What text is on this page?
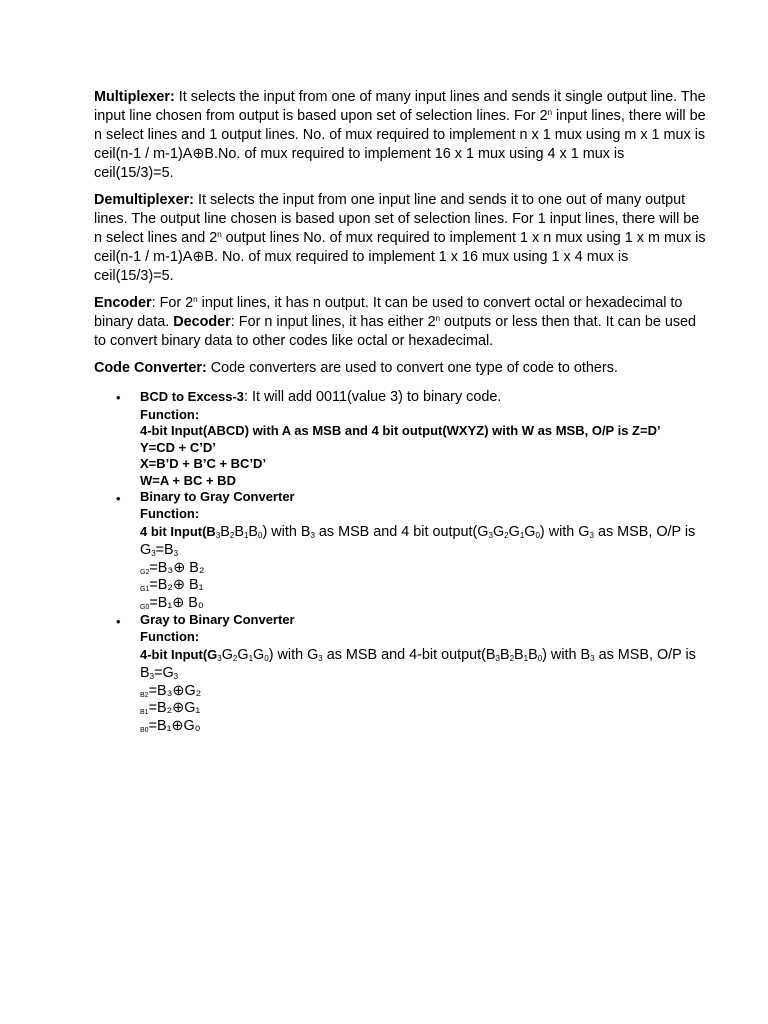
Multiplexer: It selects the input from one of many input lines and sends it single output line. The input line chosen from output is based upon set of selection lines. For 2$^n$ input lines, there will be n select lines and 1 output lines. No. of mux required to implement n x 1 mux using m x 1 mux is ceil(n-1 / m-1)A⊕B.No. of mux required to implement 16 x 1 mux using 4 x 1 mux is ceil(15/3)=5.

Demultiplexer: It selects the input from one input line and sends it to one out of many output lines. The output line chosen is based upon set of selection lines. For 1 input lines, there will be n select lines and 2$^n$ output lines No. of mux required to implement 1 x n mux using 1 x m mux is ceil(n-1 / m-1)A⊕B. No. of mux required to implement 1 x 16 mux using 1 x 4 mux is ceil(15/3)=5.

Encoder: For 2$^n$ input lines, it has n output. It can be used to convert octal or hexadecimal to binary data. Decoder: For n input lines, it has either 2$^n$ outputs or less then that. It can be used to convert binary data to other codes like octal or hexadecimal.

Code Converter: Code converters are used to convert one type of code to others.

• BCD to Excess-3: It will add 0011(value 3) to binary code.
Function:
4-bit Input(ABCD) with A as MSB and 4 bit output(WXYZ) with W as MSB, O/P is Z=D’
Y=CD + C’D’
X=B’D + B’C + BC’D’
W=A + BC + BD
• Binary to Gray Converter
Function:
4 bit Input(B3B2B1B0) with B3 as MSB and 4 bit output(G3G2G1G0) with G3 as MSB, O/P is
G3=B3
G2=B₃⊕ B₂
G1=B₂⊕ B₁
G0=B₁⊕ B₀
• Gray to Binary Converter
Function:
4-bit Input(G3G2G1G0) with G3 as MSB and 4-bit output(B3B2B1B0) with B3 as MSB, O/P is
B3=G3
B2=B₃⊕G₂
B1=B₂⊕G₁
B0=B₁⊕G₀
